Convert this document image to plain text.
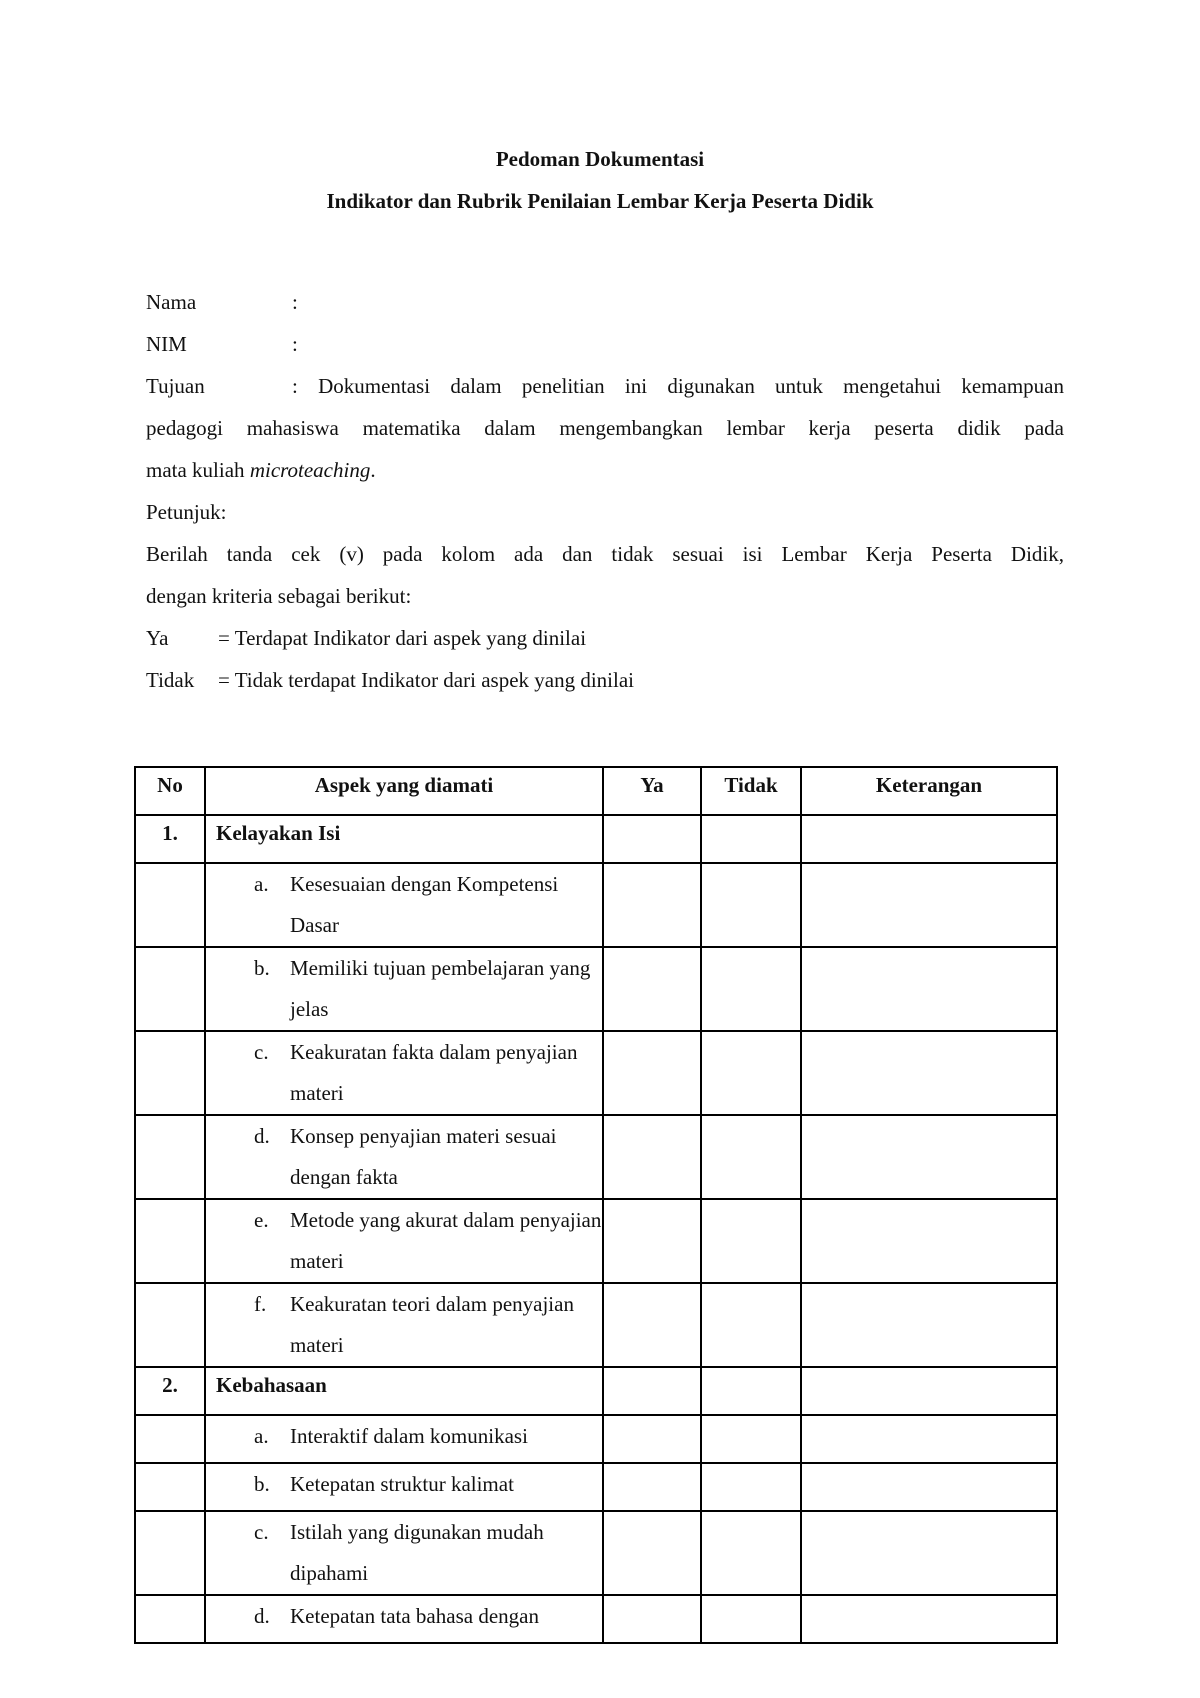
Pedoman Dokumentasi

Indikator dan Rubrik Penilaian Lembar Kerja Peserta Didik

Nama	:
NIM	:
Tujuan	: Dokumentasi dalam penelitian ini digunakan untuk mengetahui kemampuan
pedagogi mahasiswa matematika dalam mengembangkan lembar kerja peserta didik pada
mata kuliah microteaching.
Petunjuk:
Berilah tanda cek (v) pada kolom ada dan tidak sesuai isi Lembar Kerja Peserta Didik,
dengan kriteria sebagai berikut:
Ya = Terdapat Indikator dari aspek yang dinilai
Tidak = Tidak terdapat Indikator dari aspek yang dinilai
No	Aspek yang diamati	Ya	Tidak	Keterangan
1.	Kelayakan Isi			

	a. Kesesuaian dengan Kompetensi Dasar			

	b. Memiliki tujuan pembelajaran yang jelas			

	c. Keakuratan fakta dalam penyajian materi			

	d. Konsep penyajian materi sesuai dengan fakta			

	e. Metode yang akurat dalam penyajian materi			

	f. Keakuratan teori dalam penyajian materi			

2.	Kebahasaan			

	a. Interaktif dalam komunikasi			

	b. Ketepatan struktur kalimat			

	c. Istilah yang digunakan mudah dipahami			

	d. Ketepatan tata bahasa dengan			
